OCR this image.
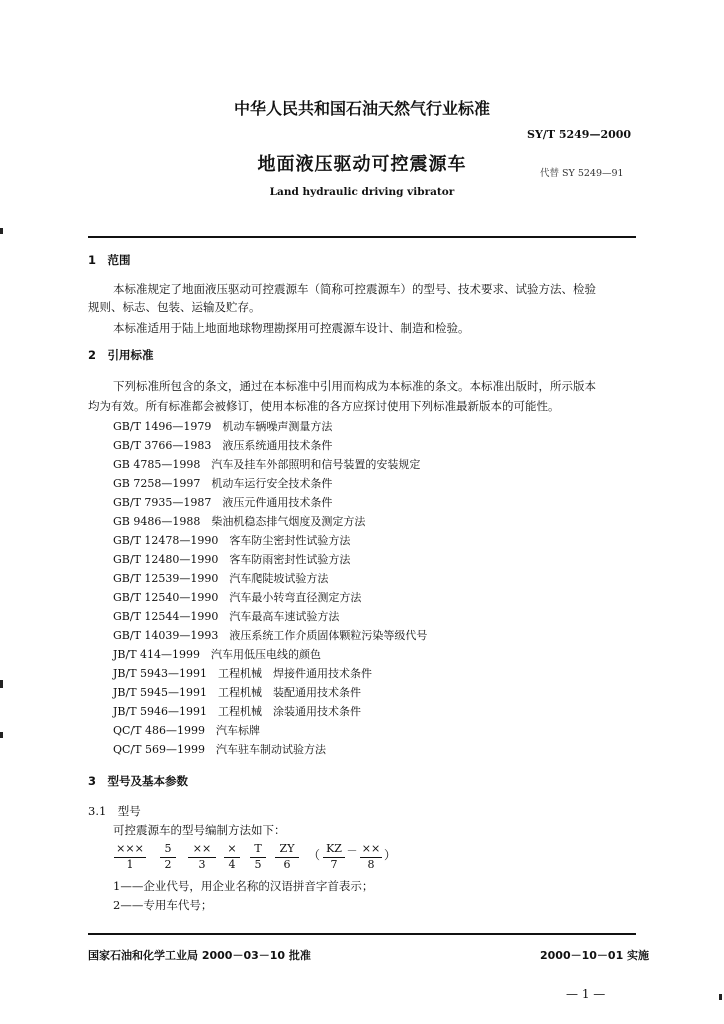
中华人民共和国石油天然气行业标准
SY/T 5249—2000
地面液压驱动可控震源车	代替 SY 5249—91
Land hydraulic driving vibrator
1　范围
本标准规定了地面液压驱动可控震源车（简称可控震源车）的型号、技术要求、试验方法、检验
规则、标志、包装、运输及贮存。
本标准适用于陆上地面地球物理勘探用可控震源车设计、制造和检验。
2　引用标准
下列标准所包含的条文，通过在本标准中引用而构成为本标准的条文。本标准出版时，所示版本
均为有效。所有标准都会被修订，使用本标准的各方应探讨使用下列标准最新版本的可能性。
GB/T 1496—1979　机动车辆噪声测量方法
GB/T 3766—1983　液压系统通用技术条件
GB 4785—1998　汽车及挂车外部照明和信号装置的安装规定
GB 7258—1997　机动车运行安全技术条件
GB/T 7935—1987　液压元件通用技术条件
GB 9486—1988　柴油机稳态排气烟度及测定方法
GB/T 12478—1990　客车防尘密封性试验方法
GB/T 12480—1990　客车防雨密封性试验方法
GB/T 12539—1990　汽车爬陡坡试验方法
GB/T 12540—1990　汽车最小转弯直径测定方法
GB/T 12544—1990　汽车最高车速试验方法
GB/T 14039—1993　液压系统工作介质固体颗粒污染等级代号
JB/T 414—1999　汽车用低压电线的颜色
JB/T 5943—1991　工程机械　焊接件通用技术条件
JB/T 5945—1991　工程机械　装配通用技术条件
JB/T 5946—1991　工程机械　涂装通用技术条件
QC/T 486—1999　汽车标牌
QC/T 569—1999　汽车驻车制动试验方法
3　型号及基本参数
3.1　型号
可控震源车的型号编制方法如下：
×××
1
5
2
××
3
×
4
T
5
ZY
6
（ KZ
7
－ ××
8
）
1——企业代号，用企业名称的汉语拼音字首表示；
2——专用车代号；
国家石油和化学工业局 2000－03－10 批准	2000－10－01 实施
— 1 —
